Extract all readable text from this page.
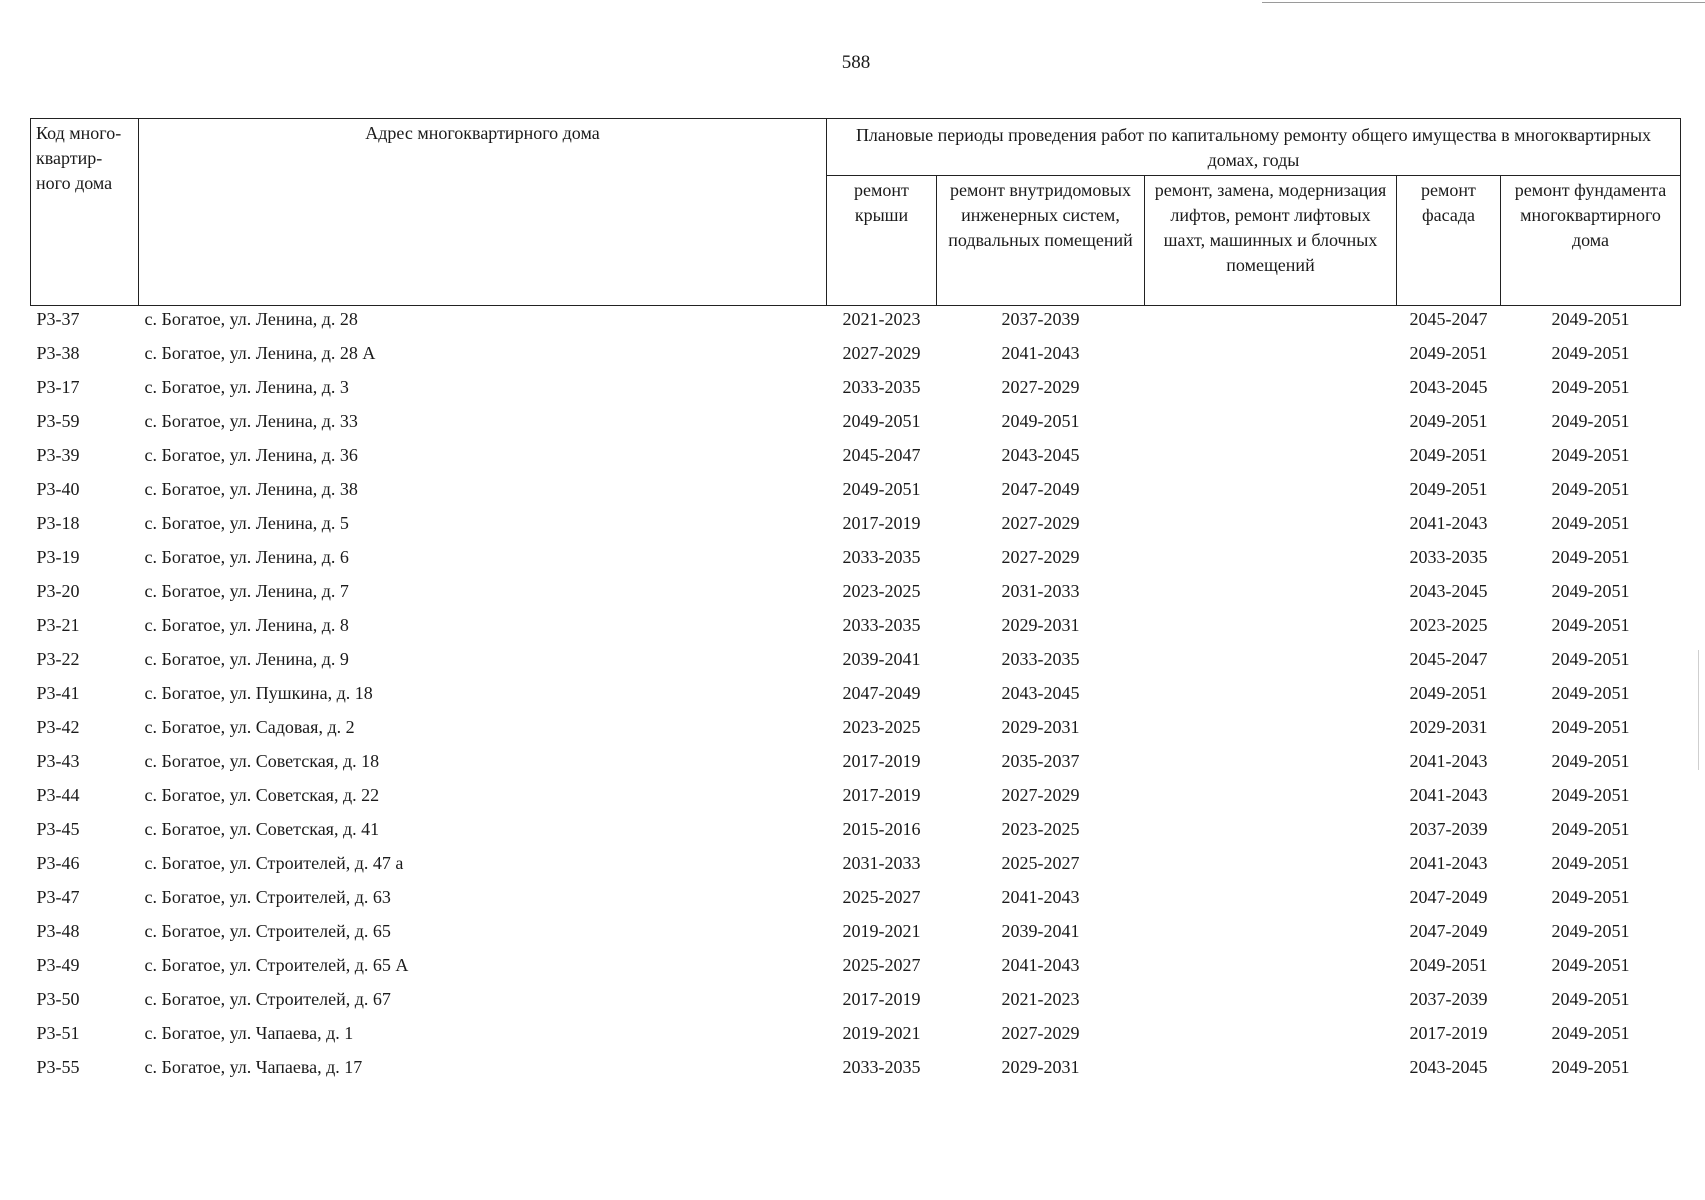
588
Код много-квартир-ного дома	Адрес многоквартирного дома	Плановые периоды проведения работ по капитальному ремонту общего имущества в многоквартирных домах, годы				
		ремонт крыши	ремонт внутридомовых инженерных систем, подвальных помещений	ремонт, замена, модернизация лифтов, ремонт лифтовых шахт, машинных и блочных помещений	ремонт фасада	ремонт фундамента многоквартирного дома
Р3-37	с. Богатое, ул. Ленина, д. 28	2021-2023	2037-2039		2045-2047	2049-2051
Р3-38	с. Богатое, ул. Ленина, д. 28 А	2027-2029	2041-2043		2049-2051	2049-2051
Р3-17	с. Богатое, ул. Ленина, д. 3	2033-2035	2027-2029		2043-2045	2049-2051
Р3-59	с. Богатое, ул. Ленина, д. 33	2049-2051	2049-2051		2049-2051	2049-2051
Р3-39	с. Богатое, ул. Ленина, д. 36	2045-2047	2043-2045		2049-2051	2049-2051
Р3-40	с. Богатое, ул. Ленина, д. 38	2049-2051	2047-2049		2049-2051	2049-2051
Р3-18	с. Богатое, ул. Ленина, д. 5	2017-2019	2027-2029		2041-2043	2049-2051
Р3-19	с. Богатое, ул. Ленина, д. 6	2033-2035	2027-2029		2033-2035	2049-2051
Р3-20	с. Богатое, ул. Ленина, д. 7	2023-2025	2031-2033		2043-2045	2049-2051
Р3-21	с. Богатое, ул. Ленина, д. 8	2033-2035	2029-2031		2023-2025	2049-2051
Р3-22	с. Богатое, ул. Ленина, д. 9	2039-2041	2033-2035		2045-2047	2049-2051
Р3-41	с. Богатое, ул. Пушкина, д. 18	2047-2049	2043-2045		2049-2051	2049-2051
Р3-42	с. Богатое, ул. Садовая, д. 2	2023-2025	2029-2031		2029-2031	2049-2051
Р3-43	с. Богатое, ул. Советская, д. 18	2017-2019	2035-2037		2041-2043	2049-2051
Р3-44	с. Богатое, ул. Советская, д. 22	2017-2019	2027-2029		2041-2043	2049-2051
Р3-45	с. Богатое, ул. Советская, д. 41	2015-2016	2023-2025		2037-2039	2049-2051
Р3-46	с. Богатое, ул. Строителей, д. 47 а	2031-2033	2025-2027		2041-2043	2049-2051
Р3-47	с. Богатое, ул. Строителей, д. 63	2025-2027	2041-2043		2047-2049	2049-2051
Р3-48	с. Богатое, ул. Строителей, д. 65	2019-2021	2039-2041		2047-2049	2049-2051
Р3-49	с. Богатое, ул. Строителей, д. 65 А	2025-2027	2041-2043		2049-2051	2049-2051
Р3-50	с. Богатое, ул. Строителей, д. 67	2017-2019	2021-2023		2037-2039	2049-2051
Р3-51	с. Богатое, ул. Чапаева, д. 1	2019-2021	2027-2029		2017-2019	2049-2051
Р3-55	с. Богатое, ул. Чапаева, д. 17	2033-2035	2029-2031		2043-2045	2049-2051
